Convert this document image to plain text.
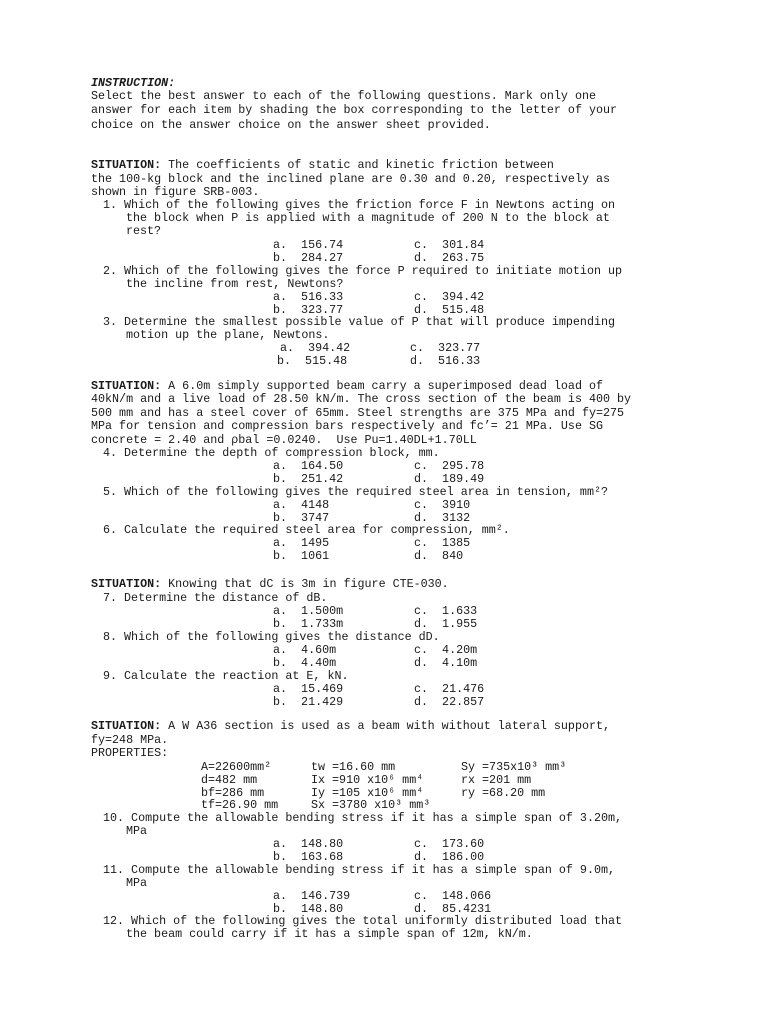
INSTRUCTION:
Select the best answer to each of the following questions. Mark only one
answer for each item by shading the box corresponding to the letter of your
choice on the answer choice on the answer sheet provided.
SITUATION: The coefficients of static and kinetic friction between
the 100-kg block and the inclined plane are 0.30 and 0.20, respectively as
shown in figure SRB-003.
1. Which of the following gives the friction force F in Newtons acting on
the block when P is applied with a magnitude of 200 N to the block at
rest?
a.  156.74	c.  301.84
b.  284.27	d.  263.75
2. Which of the following gives the force P required to initiate motion up
the incline from rest, Newtons?
a.  516.33	c.  394.42
b.  323.77	d.  515.48
3. Determine the smallest possible value of P that will produce impending
motion up the plane, Newtons.
a.  394.42	c.  323.77
b.  515.48	d.  516.33
SITUATION: A 6.0m simply supported beam carry a superimposed dead load of
40kN/m and a live load of 28.50 kN/m. The cross section of the beam is 400 by
500 mm and has a steel cover of 65mm. Steel strengths are 375 MPa and fy=275
MPa for tension and compression bars respectively and fc’= 21 MPa. Use SG
concrete = 2.40 and ρbal =0.0240.  Use Pu=1.40DL+1.70LL
4. Determine the depth of compression block, mm.
a.  164.50	c.  295.78
b.  251.42	d.  189.49
5. Which of the following gives the required steel area in tension, mm²?
a.  4148	c.  3910
b.  3747	d.  3132
6. Calculate the required steel area for compression, mm².
a.  1495	c.  1385
b.  1061	d.  840
SITUATION: Knowing that dC is 3m in figure CTE-030.
7. Determine the distance of dB.
a.  1.500m	c.  1.633
b.  1.733m	d.  1.955
8. Which of the following gives the distance dD.
a.  4.60m	c.  4.20m
b.  4.40m	d.  4.10m
9. Calculate the reaction at E, kN.
a.  15.469	c.  21.476
b.  21.429	d.  22.857
SITUATION: A W A36 section is used as a beam with without lateral support,
fy=248 MPa.
PROPERTIES:
A=22600mm²	tw =16.60 mm	Sy =735x10³ mm³
d=482 mm	Ix =910 x10⁶ mm⁴	rx =201 mm
bf=286 mm	Iy =105 x10⁶ mm⁴	ry =68.20 mm
tf=26.90 mm	Sx =3780 x10³ mm³
10. Compute the allowable bending stress if it has a simple span of 3.20m,
MPa
a.  148.80	c.  173.60
b.  163.68	d.  186.00
11. Compute the allowable bending stress if it has a simple span of 9.0m,
MPa
a.  146.739	c.  148.066
b.  148.80	d.  85.4231
12. Which of the following gives the total uniformly distributed load that
the beam could carry if it has a simple span of 12m, kN/m.
